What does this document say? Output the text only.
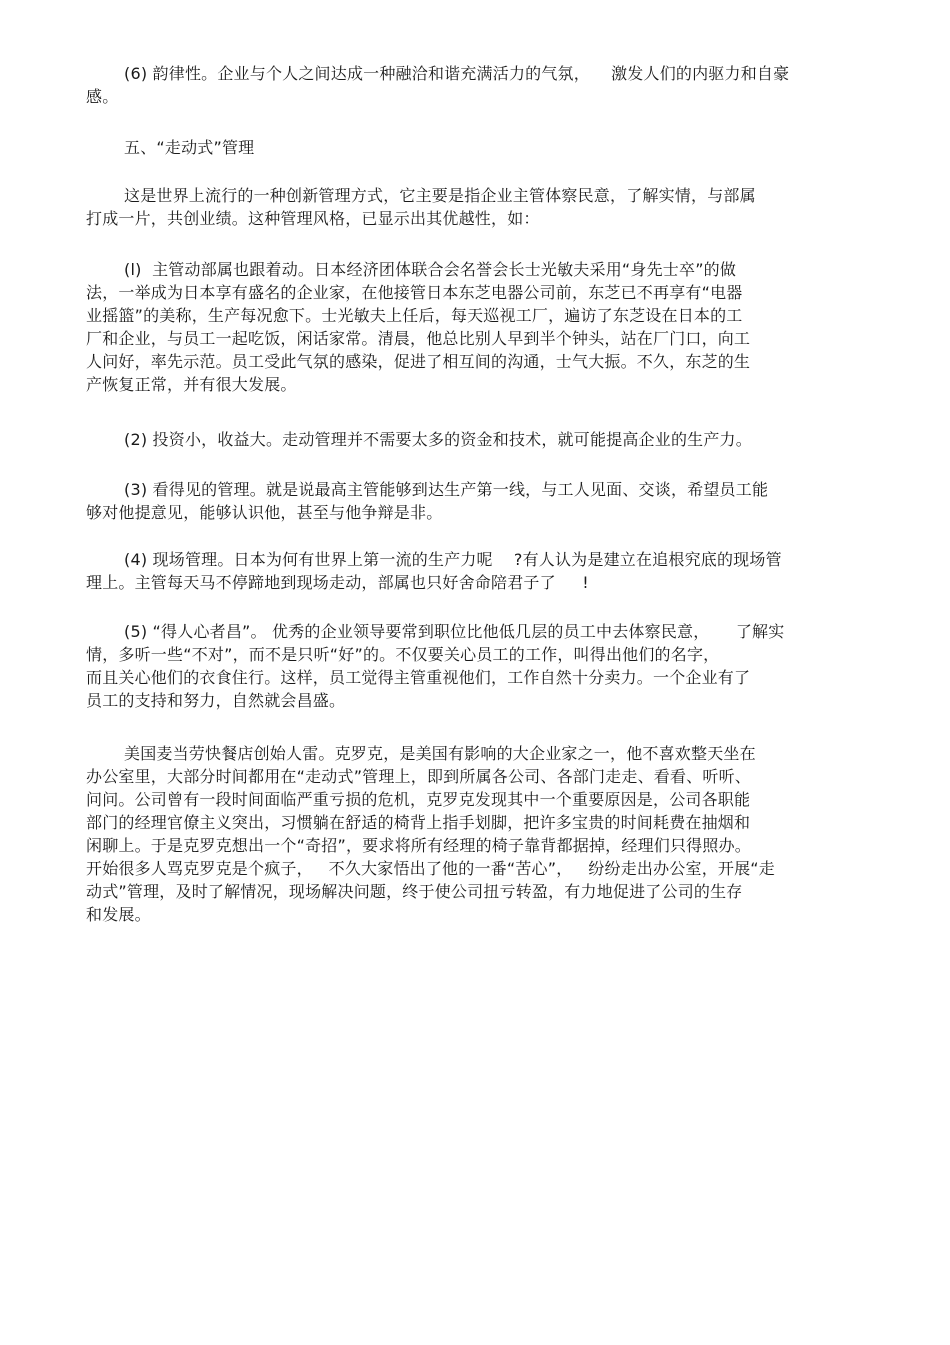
(6) 韵律性。企业与个人之间达成一种融洽和谐充满活力的气氛，    激发人们的内驱力和自豪
感。
五、“走动式”管理
这是世界上流行的一种创新管理方式，它主要是指企业主管体察民意，了解实情，与部属
打成一片，共创业绩。这种管理风格，已显示出其优越性，如：
(l)  主管动部属也跟着动。日本经济团体联合会名誉会长士光敏夫采用“身先士卒”的做
法，一举成为日本享有盛名的企业家，在他接管日本东芝电器公司前，东芝已不再享有“电器
业摇篮”的美称，生产每况愈下。士光敏夫上任后，每天巡视工厂，遍访了东芝设在日本的工
厂和企业，与员工一起吃饭，闲话家常。清晨，他总比别人早到半个钟头，站在厂门口，向工
人问好，率先示范。员工受此气氛的感染，促进了相互间的沟通，士气大振。不久，东芝的生
产恢复正常，并有很大发展。
(2) 投资小，收益大。走动管理并不需要太多的资金和技术，就可能提高企业的生产力。
(3) 看得见的管理。就是说最高主管能够到达生产第一线，与工人见面、交谈，希望员工能
够对他提意见，能够认识他，甚至与他争辩是非。
(4) 现场管理。日本为何有世界上第一流的生产力呢    ?有人认为是建立在追根究底的现场管
理上。主管每天马不停蹄地到现场走动，部属也只好舍命陪君子了     !
(5) “得人心者昌”。 优秀的企业领导要常到职位比他低几层的员工中去体察民意，     了解实
情，多听一些“不对”，而不是只听“好”的。不仅要关心员工的工作，叫得出他们的名字，
而且关心他们的衣食住行。这样，员工觉得主管重视他们，工作自然十分卖力。一个企业有了
员工的支持和努力，自然就会昌盛。
美国麦当劳快餐店创始人雷。克罗克，是美国有影响的大企业家之一，他不喜欢整天坐在
办公室里，大部分时间都用在“走动式”管理上，即到所属各公司、各部门走走、看看、听听、
问问。公司曾有一段时间面临严重亏损的危机，克罗克发现其中一个重要原因是，公司各职能
部门的经理官僚主义突出，习惯躺在舒适的椅背上指手划脚，把许多宝贵的时间耗费在抽烟和
闲聊上。于是克罗克想出一个“奇招”，要求将所有经理的椅子靠背都据掉，经理们只得照办。
开始很多人骂克罗克是个疯子，   不久大家悟出了他的一番“苦心”，   纷纷走出办公室，开展“走
动式”管理，及时了解情况，现场解决问题，终于使公司扭亏转盈，有力地促进了公司的生存
和发展。
